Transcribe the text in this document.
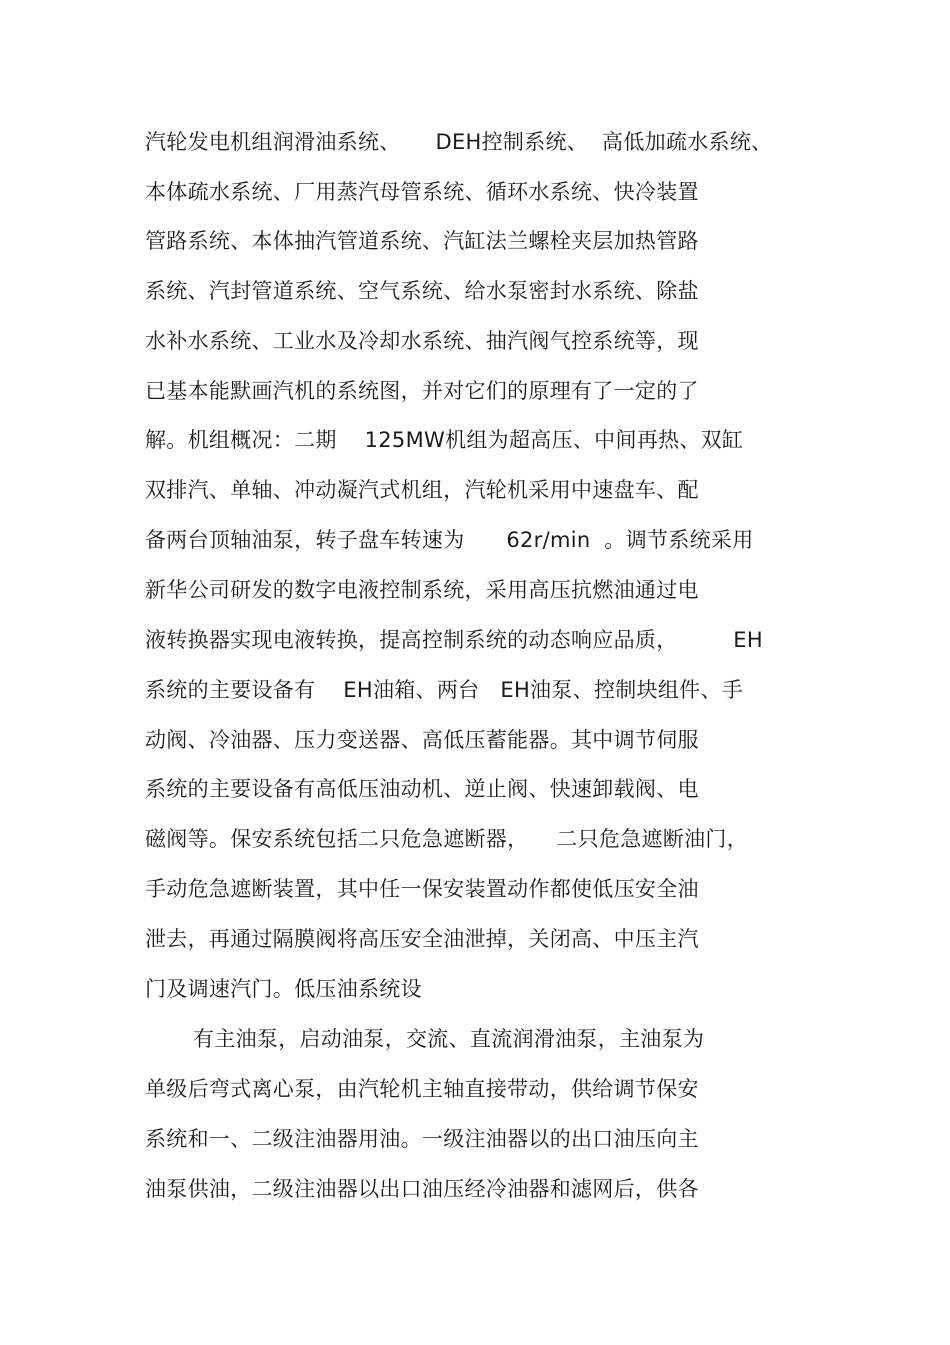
汽轮发电机组润滑油系统、     DEH控制系统、  高低加疏水系统、
本体疏水系统、厂用蒸汽母管系统、循环水系统、快冷装置
管路系统、本体抽汽管道系统、汽缸法兰螺栓夹层加热管路
系统、汽封管道系统、空气系统、给水泵密封水系统、除盐
水补水系统、工业水及冷却水系统、抽汽阀气控系统等，现
已基本能默画汽机的系统图，并对它们的原理有了一定的了
解。机组概况：二期    125MW机组为超高压、中间再热、双缸
双排汽、单轴、冲动凝汽式机组，汽轮机采用中速盘车、配
备两台顶轴油泵，转子盘车转速为      62r/min  。调节系统采用
新华公司研发的数字电液控制系统，采用高压抗燃油通过电
液转换器实现电液转换，提高控制系统的动态响应品质，        EH
系统的主要设备有    EH油箱、两台   EH油泵、控制块组件、手
动阀、冷油器、压力变送器、高低压蓄能器。其中调节伺服
系统的主要设备有高低压油动机、逆止阀、快速卸载阀、电
磁阀等。保安系统包括二只危急遮断器，    二只危急遮断油门，
手动危急遮断装置，其中任一保安装置动作都使低压安全油
泄去，再通过隔膜阀将高压安全油泄掉，关闭高、中压主汽
门及调速汽门。低压油系统设
有主油泵，启动油泵，交流、直流润滑油泵，主油泵为
单级后弯式离心泵，由汽轮机主轴直接带动，供给调节保安
系统和一、二级注油器用油。一级注油器以的出口油压向主
油泵供油，二级注油器以出口油压经冷油器和滤网后，供各
